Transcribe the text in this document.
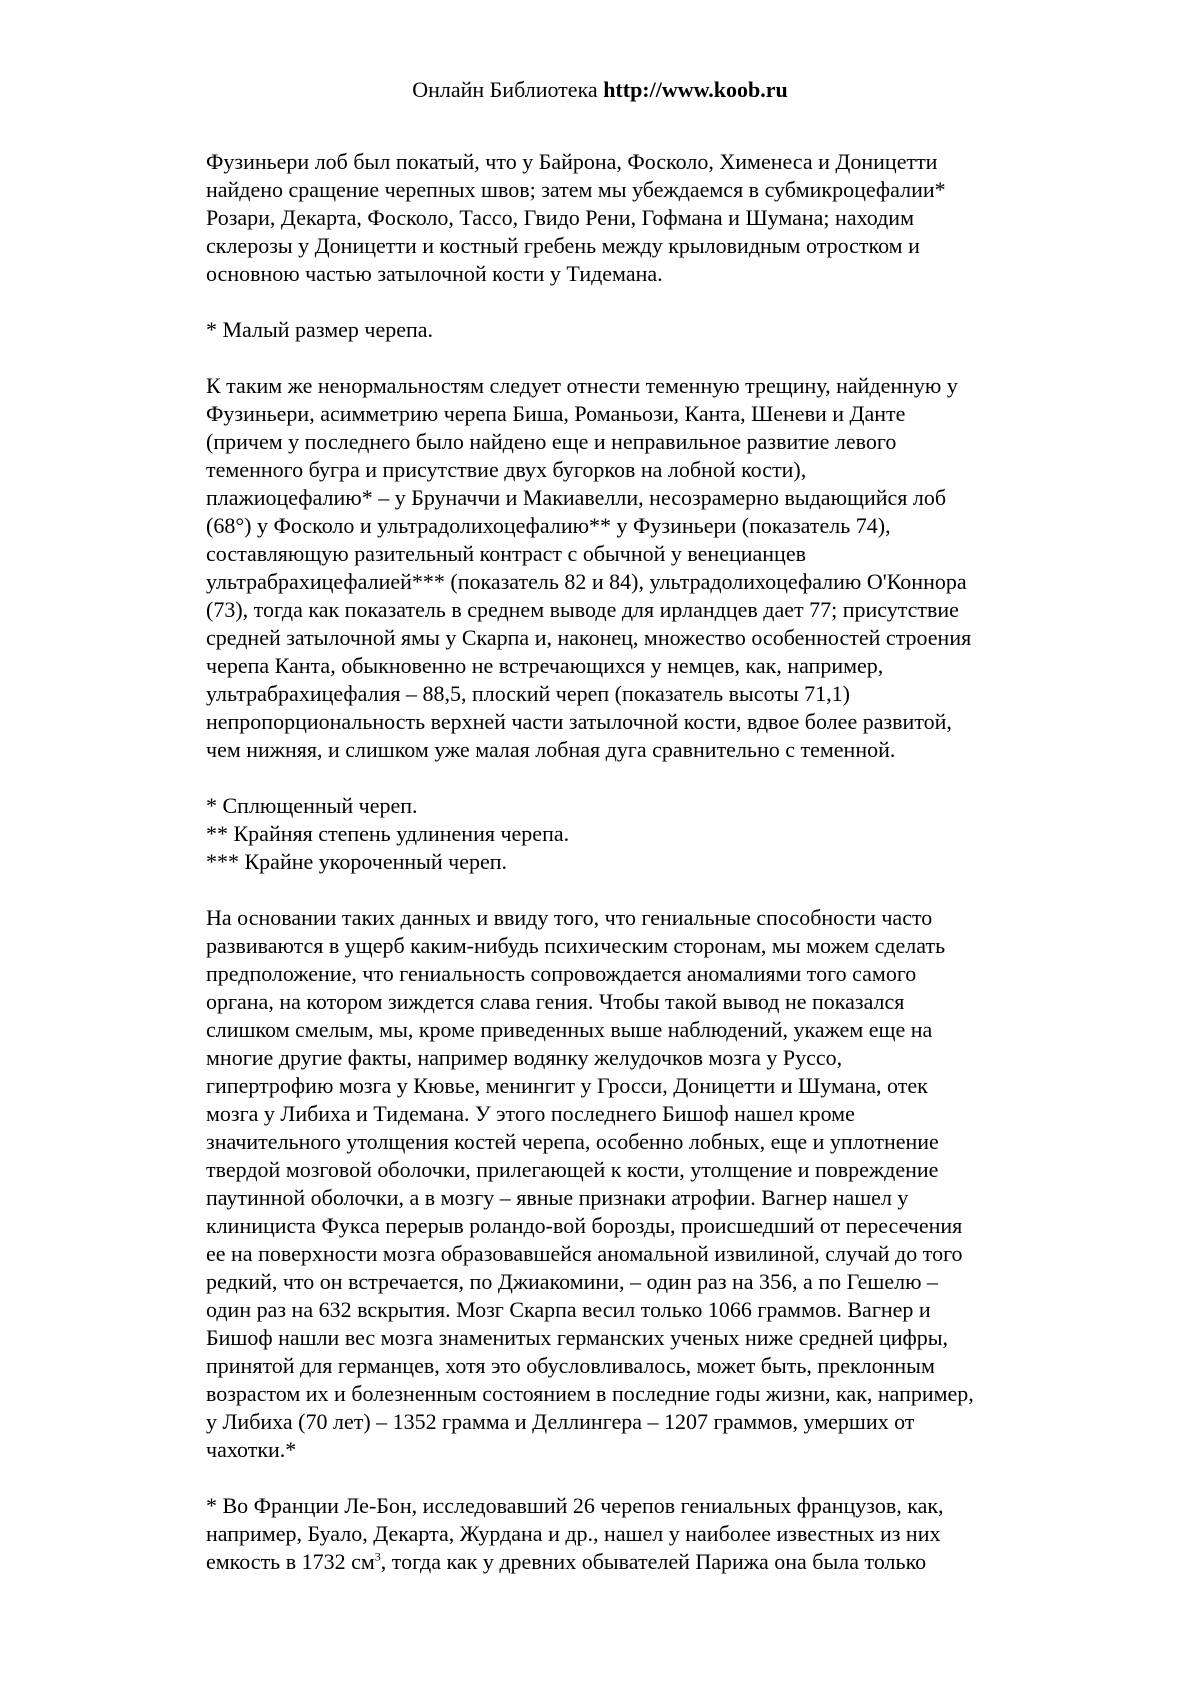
Онлайн Библиотека http://www.koob.ru

Фузиньери лоб был покатый, что у Байрона, Фосколо, Хименеса и Доницетти

найдено сращение черепных швов; затем мы убеждаемся в субмикроцефалии*

Розари, Декарта, Фосколо, Тассо, Гвидо Рени, Гофмана и Шумана; находим

склерозы у Доницетти и костный гребень между крыловидным отростком и

основною частью затылочной кости у Тидемана.

* Малый размер черепа.

К таким же ненормальностям следует отнести теменную трещину, найденную у

Фузиньери, асимметрию черепа Биша, Романьози, Канта, Шеневи и Данте

(причем у последнего было найдено еще и неправильное развитие левого

теменного бугра и присутствие двух бугорков на лобной кости),

плажиоцефалию* – у Бруначчи и Макиавелли, несозрамерно выдающийся лоб

(68°) у Фосколо и ультрадолихоцефалию** у Фузиньери (показатель 74),

составляющую разительный контраст с обычной у венецианцев

ультрабрахицефалией*** (показатель 82 и 84), ультрадолихоцефалию О'Коннора

(73), тогда как показатель в среднем выводе для ирландцев дает 77; присутствие

средней затылочной ямы у Скарпа и, наконец, множество особенностей строения

черепа Канта, обыкновенно не встречающихся у немцев, как, например,

ультрабрахицефалия – 88,5, плоский череп (показатель высоты 71,1)

непропорциональность верхней части затылочной кости, вдвое более развитой,

чем нижняя, и слишком уже малая лобная дуга сравнительно с теменной.

* Сплющенный череп.

** Крайняя степень удлинения черепа.

*** Крайне укороченный череп.

На основании таких данных и ввиду того, что гениальные способности часто

развиваются в ущерб каким-нибудь психическим сторонам, мы можем сделать

предположение, что гениальность сопровождается аномалиями того самого

органа, на котором зиждется слава гения. Чтобы такой вывод не показался

слишком смелым, мы, кроме приведенных выше наблюдений, укажем еще на

многие другие факты, например водянку желудочков мозга у Руссо,

гипертрофию мозга у Кювье, менингит у Гросси, Доницетти и Шумана, отек

мозга у Либиха и Тидемана. У этого последнего Бишоф нашел кроме

значительного утолщения костей черепа, особенно лобных, еще и уплотнение

твердой мозговой оболочки, прилегающей к кости, утолщение и повреждение

паутинной оболочки, а в мозгу – явные признаки атрофии. Вагнер нашел у

клинициста Фукса перерыв роландо-вой борозды, происшедший от пересечения

ее на поверхности мозга образовавшейся аномальной извилиной, случай до того

редкий, что он встречается, по Джиакомини, – один раз на 356, а по Гешелю –

один раз на 632 вскрытия. Мозг Скарпа весил только 1066 граммов. Вагнер и

Бишоф нашли вес мозга знаменитых германских ученых ниже средней цифры,

принятой для германцев, хотя это обусловливалось, может быть, преклонным

возрастом их и болезненным состоянием в последние годы жизни, как, например,

у Либиха (70 лет) – 1352 грамма и Деллингера – 1207 граммов, умерших от

чахотки.*

* Во Франции Ле-Бон, исследовавший 26 черепов гениальных французов, как,

например, Буало, Декарта, Журдана и др., нашел у наиболее известных из них

емкость в 1732 $см^3$, тогда как у древних обывателей Парижа она была только
